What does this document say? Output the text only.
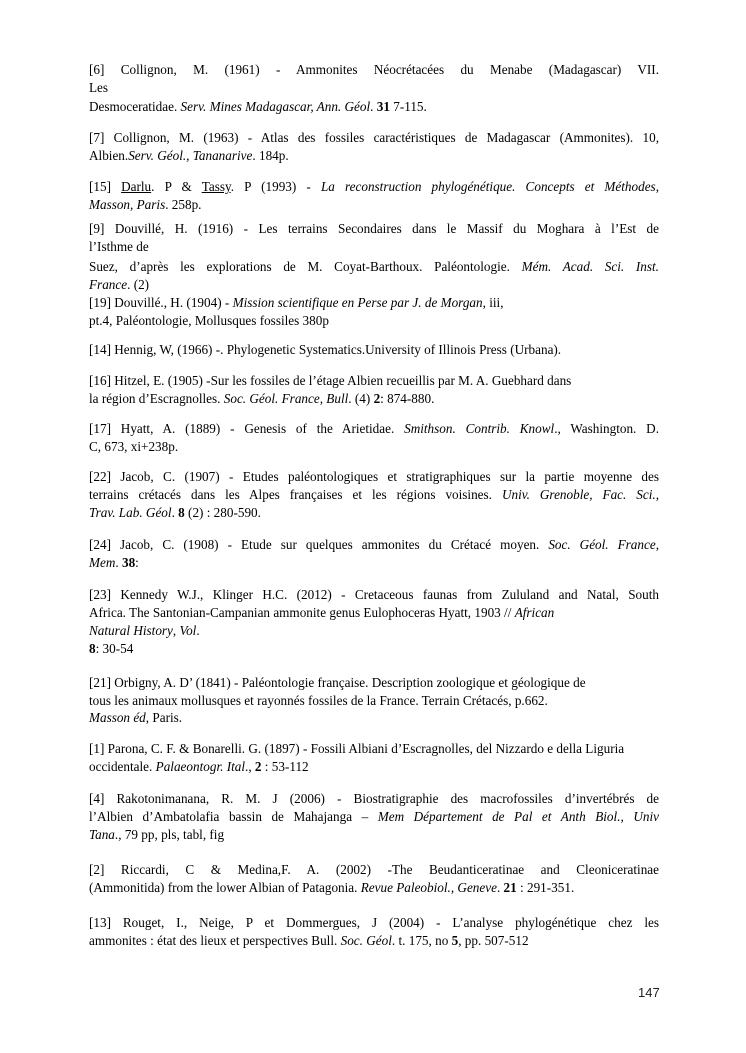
[6] Collignon, M. (1961) - Ammonites Néocrétacées du Menabe (Madagascar) VII.
Les
Desmoceratidae. Serv. Mines Madagascar, Ann. Géol. 31 7-115.
[7] Collignon, M. (1963) - Atlas des fossiles caractéristiques de Madagascar (Ammonites). 10,
Albien.Serv. Géol., Tananarive. 184p.
[15] Darlu. P & Tassy. P (1993) - La reconstruction phylogénétique. Concepts et Méthodes,
Masson, Paris. 258p.
[9] Douvillé, H. (1916) - Les terrains Secondaires dans le Massif du Moghara à l’Est de
l’Isthme de
Suez, d’après les explorations de M. Coyat-Barthoux. Paléontologie. Mém. Acad. Sci. Inst.
France. (2)
[19] Douvillé., H. (1904) - Mission scientifique en Perse par J. de Morgan, iii,
pt.4, Paléontologie, Mollusques fossiles 380p
[14] Hennig, W, (1966) -. Phylogenetic Systematics.University of Illinois Press (Urbana).
[16] Hitzel, E. (1905) -Sur les fossiles de l’étage Albien recueillis par M. A. Guebhard dans
la région d’Escragnolles. Soc. Géol. France, Bull. (4) 2: 874-880.
[17] Hyatt, A. (1889) - Genesis of the Arietidae. Smithson. Contrib. Knowl., Washington. D.
C, 673, xi+238p.
[22] Jacob, C. (1907) - Etudes paléontologiques et stratigraphiques sur la partie moyenne des
terrains crétacés dans les Alpes françaises et les régions voisines. Univ. Grenoble, Fac. Sci.,
Trav. Lab. Géol. 8 (2) : 280-590.
[24] Jacob, C. (1908) - Etude sur quelques ammonites du Crétacé moyen. Soc. Géol. France,
Mem. 38:
[23] Kennedy W.J., Klinger H.C. (2012) - Cretaceous faunas from Zululand and Natal, South
Africa. The Santonian-Campanian ammonite genus Eulophoceras Hyatt, 1903 // African
Natural History, Vol.
8: 30-54
[21] Orbigny, A. D’ (1841) - Paléontologie française. Description zoologique et géologique de
tous les animaux mollusques et rayonnés fossiles de la France. Terrain Crétacés, p.662.
Masson éd, Paris.
[1] Parona, C. F. & Bonarelli. G. (1897) - Fossili Albiani d’Escragnolles, del Nizzardo e della Liguria
occidentale. Palaeontogr. Ital., 2 : 53-112
[4] Rakotonimanana, R. M. J (2006) - Biostratigraphie des macrofossiles d’invertébrés de
l’Albien d’Ambatolafia bassin de Mahajanga – Mem Département de Pal et Anth Biol., Univ
Tana., 79 pp, pls, tabl, fig
[2] Riccardi, C & Medina,F. A. (2002) -The Beudanticeratinae and Cleoniceratinae
(Ammonitida) from the lower Albian of Patagonia. Revue Paleobiol., Geneve. 21 : 291-351.
[13] Rouget, I., Neige, P et Dommergues, J (2004) - L’analyse phylogénétique chez les
ammonites : état des lieux et perspectives Bull. Soc. Géol. t. 175, no 5, pp. 507-512
147
